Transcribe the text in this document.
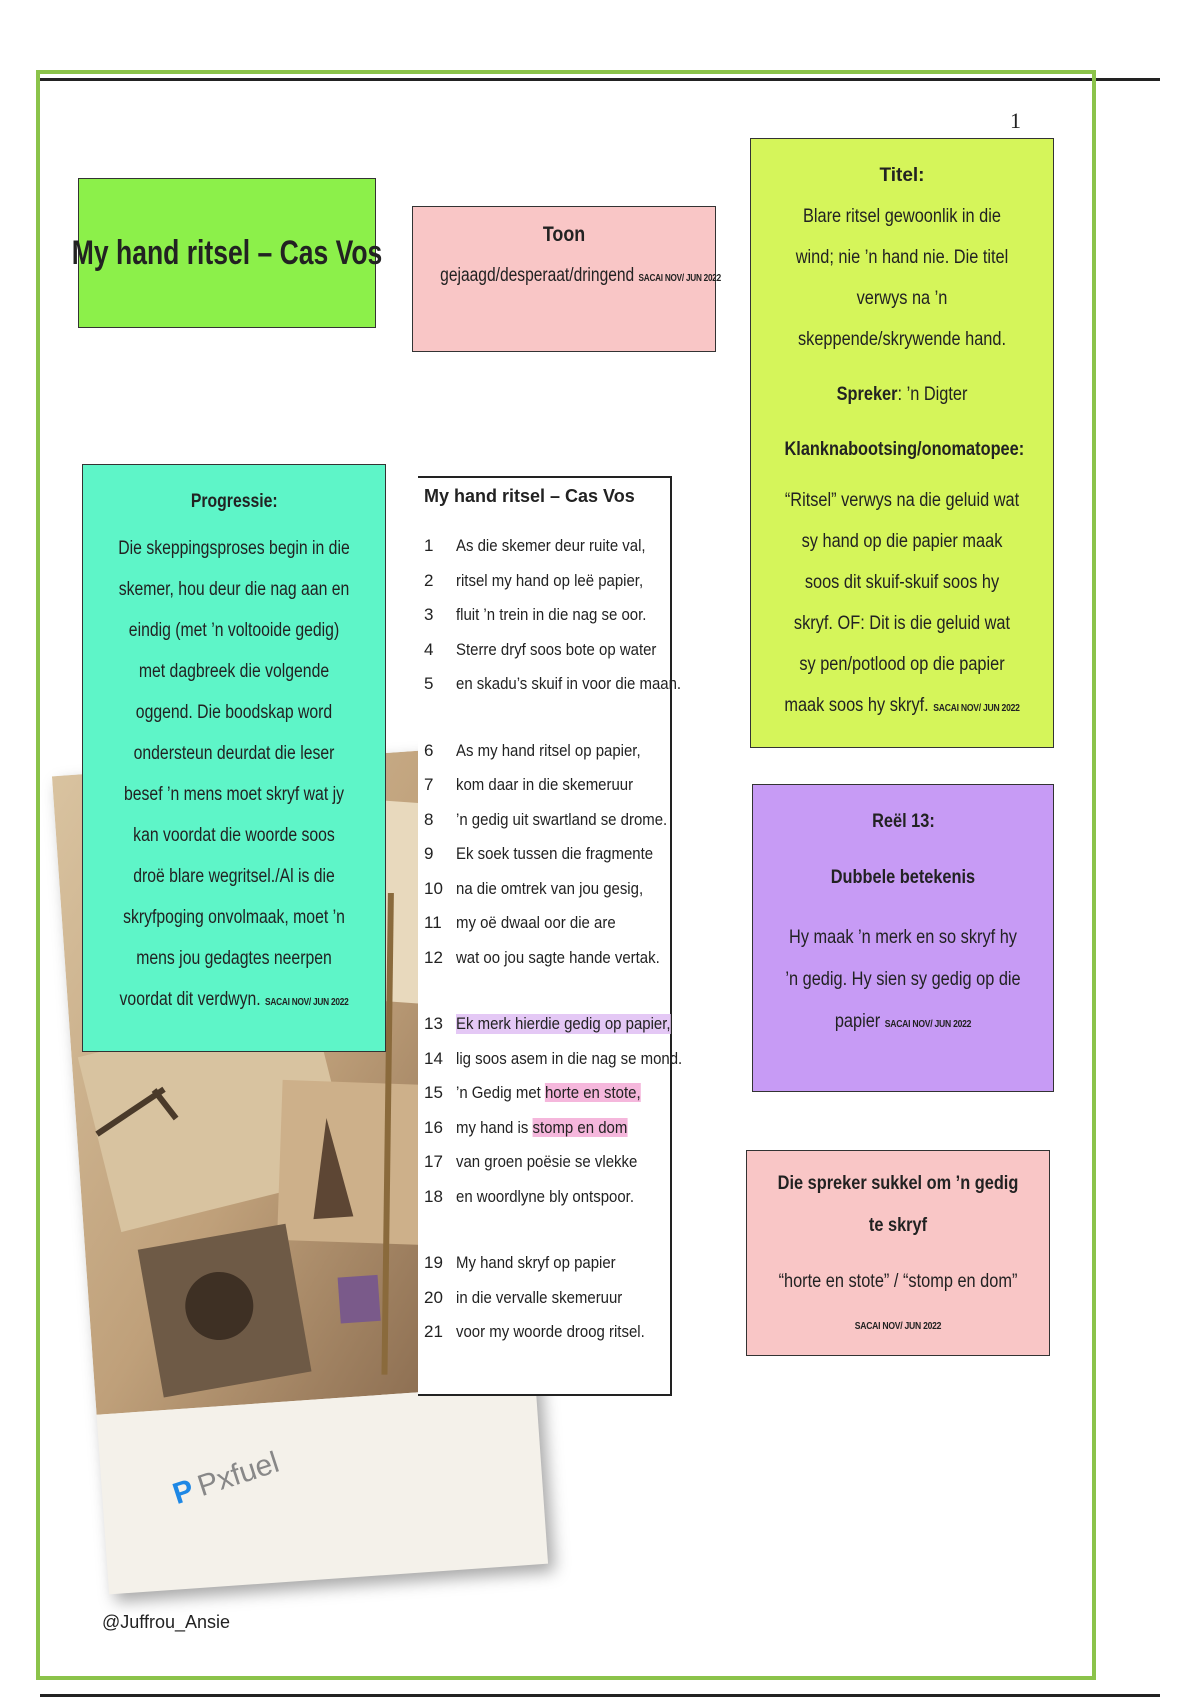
1
My hand ritsel – Cas Vos	Toon
gejaagd/desperaat/dringend SACAI NOV/ JUN 2022

Titel:

Blare ritsel gewoonlik in die wind; nie ’n hand nie. Die titel verwys na ’n skeppende/skrywende hand.

Spreker: ’n Digter

Klanknabootsing/onomatopee:

“Ritsel” verwys na die geluid wat sy hand op die papier maak soos dit skuif-skuif soos hy skryf. OF: Dit is die geluid wat sy pen/potlood op die papier maak soos hy skryf. SACAI NOV/ JUN 2022

PPxfuel

Progressie:

Die skeppingsproses begin in die skemer, hou deur die nag aan en eindig (met ’n voltooide gedig) met dagbreek die volgende oggend. Die boodskap word ondersteun deurdat die leser besef ’n mens moet skryf wat jy kan voordat die woorde soos droë blare wegritsel./Al is die skryfpoging onvolmaak, moet ’n mens jou gedagtes neerpen voordat dit verdwyn. SACAI NOV/ JUN 2022

My hand ritsel – Cas Vos
1	As die skemer deur ruite val,
2	ritsel my hand op leë papier,
3	fluit ’n trein in die nag se oor.
4	Sterre dryf soos bote op water
5	en skadu’s skuif in voor die maan.
6	As my hand ritsel op papier,
7	kom daar in die skemeruur
8	’n gedig uit swartland se drome.
9	Ek soek tussen die fragmente
10 na die omtrek van jou gesig,
11 my oë dwaal oor die are
12 wat oo jou sagte hande vertak.
13 Ek merk hierdie gedig op papier,
14 lig soos asem in die nag se mond.
15 ’n Gedig met horte en stote,
16 my hand is stomp en dom
17 van groen poësie se vlekke
18 en woordlyne bly ontspoor.
19 My hand skryf op papier
20 in die vervalle skemeruur
21 voor my woorde droog ritsel.

Reël 13:

Dubbele betekenis

Hy maak ’n merk en so skryf hy ’n gedig. Hy sien sy gedig op die papier SACAI NOV/ JUN 2022

Die spreker sukkel om ’n gedig te skryf

“horte en stote” / “stomp en dom” SACAI NOV/ JUN 2022

@Juffrou_Ansie
